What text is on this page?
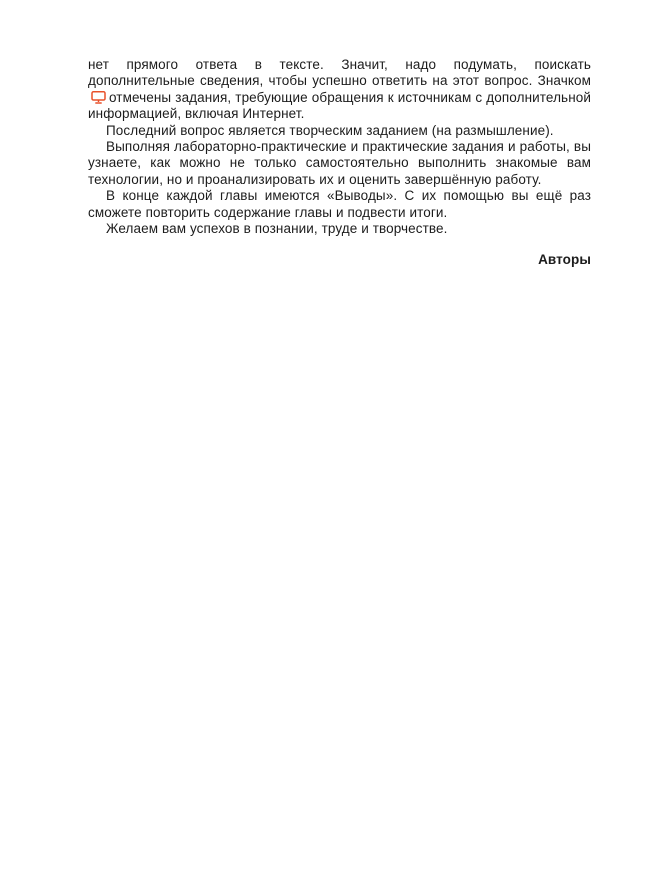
нет прямого ответа в тексте. Значит, надо подумать, поискать дополнительные сведения, чтобы успешно ответить на этот вопрос. Значкомотмечены задания, требующие обращения к источникам с дополнительной информацией, включая Интернет.

Последний вопрос является творческим заданием (на размышление).

Выполняя лабораторно-практические и практические задания и работы, вы узнаете, как можно не только самостоятельно выполнить знакомые вам технологии, но и проанализировать их и оценить завершённую работу.

В конце каждой главы имеются «Выводы». С их помощью вы ещё раз сможете повторить содержание главы и подвести итоги.

Желаем вам успехов в познании, труде и творчестве.

Авторы
